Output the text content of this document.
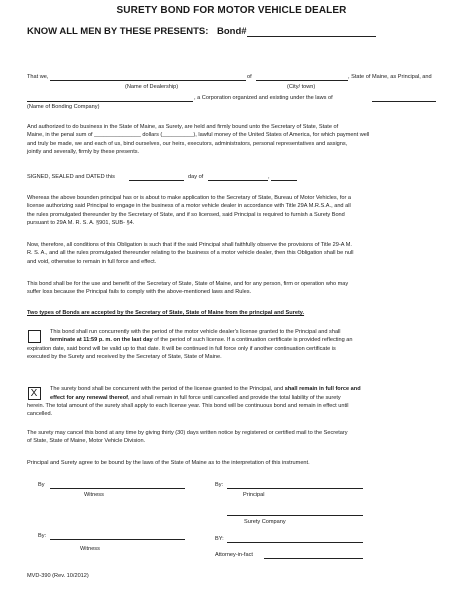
SURETY BOND FOR MOTOR VEHICLE DEALER
KNOW ALL MEN BY THESE PRESENTS: Bond#
That we,	of	, State of Maine, as Principal, and
(Name of Dealership)	(City/ town)
, a Corporation organized and existing under the laws of
(Name of Bonding Company)
And authorized to do business in the State of Maine, as Surety, are held and firmly bound unto the Secretary of State, State of
Maine, in the penal sum of _______________ dollars (__________), lawful money of the United States of America, for which payment well
and truly be made, we and each of us, bind ourselves, our heirs, executors, administrators, personal representatives and assigns,
jointly and severally, firmly by these presents.
SIGNED, SEALED and DATED this	day of	,
Whereas the above bounden principal has or is about to make application to the Secretary of State, Bureau of Motor Vehicles, for a
license authorizing said Principal to engage in the business of a motor vehicle dealer in accordance with Title 29A M.R.S.A., and all
the rules promulgated thereunder by the Secretary of State, and if so licensed, said Principal is required to furnish a Surety Bond
pursuant to 29A M. R. S. A. §901, SUB- §4.
Now, therefore, all conditions of this Obligation is such that if the said Principal shall faithfully observe the provisions of Title 29-A M.
R. S. A., and all the rules promulgated thereunder relating to the business of a motor vehicle dealer, then this Obligation shall be null
and void, otherwise to remain in full force and effect.
This bond shall be for the use and benefit of the Secretary of State, State of Maine, and for any person, firm or operation who may
suffer loss because the Principal fails to comply with the above-mentioned laws and Rules.
Two types of Bonds are accepted by the Secretary of State, State of Maine from the principal and Surety.
This bond shall run concurrently with the period of the motor vehicle dealer's license granted to the Principal and shall
terminate at 11:59 p. m. on the last day of the period of such license. If a continuation certificate is provided reflecting an
expiration date, said bond will be valid up to that date. It will be continued in full force only if another continuation certificate is
executed by the Surety and received by the Secretary of State, State of Maine.
X	The surety bond shall be concurrent with the period of the license granted to the Principal, and shall remain in full force and
effect for any renewal thereof, and shall remain in full force until cancelled and provide the total liability of the surety
herein. The total amount of the surety shall apply to each license year. This bond will be continuous bond and remain in effect until
cancelled.
The surety may cancel this bond at any time by giving thirty (30) days written notice by registered or certified mail to the Secretary
of State, State of Maine, Motor Vehicle Division.
Principal and Surety agree to be bound by the laws of the State of Maine as to the interpretation of this instrument.
By
Witness
By:
Principal
Surety Company
By:
Witness
BY:
Attorney-in-fact
MVD-390 (Rev. 10/2012)
